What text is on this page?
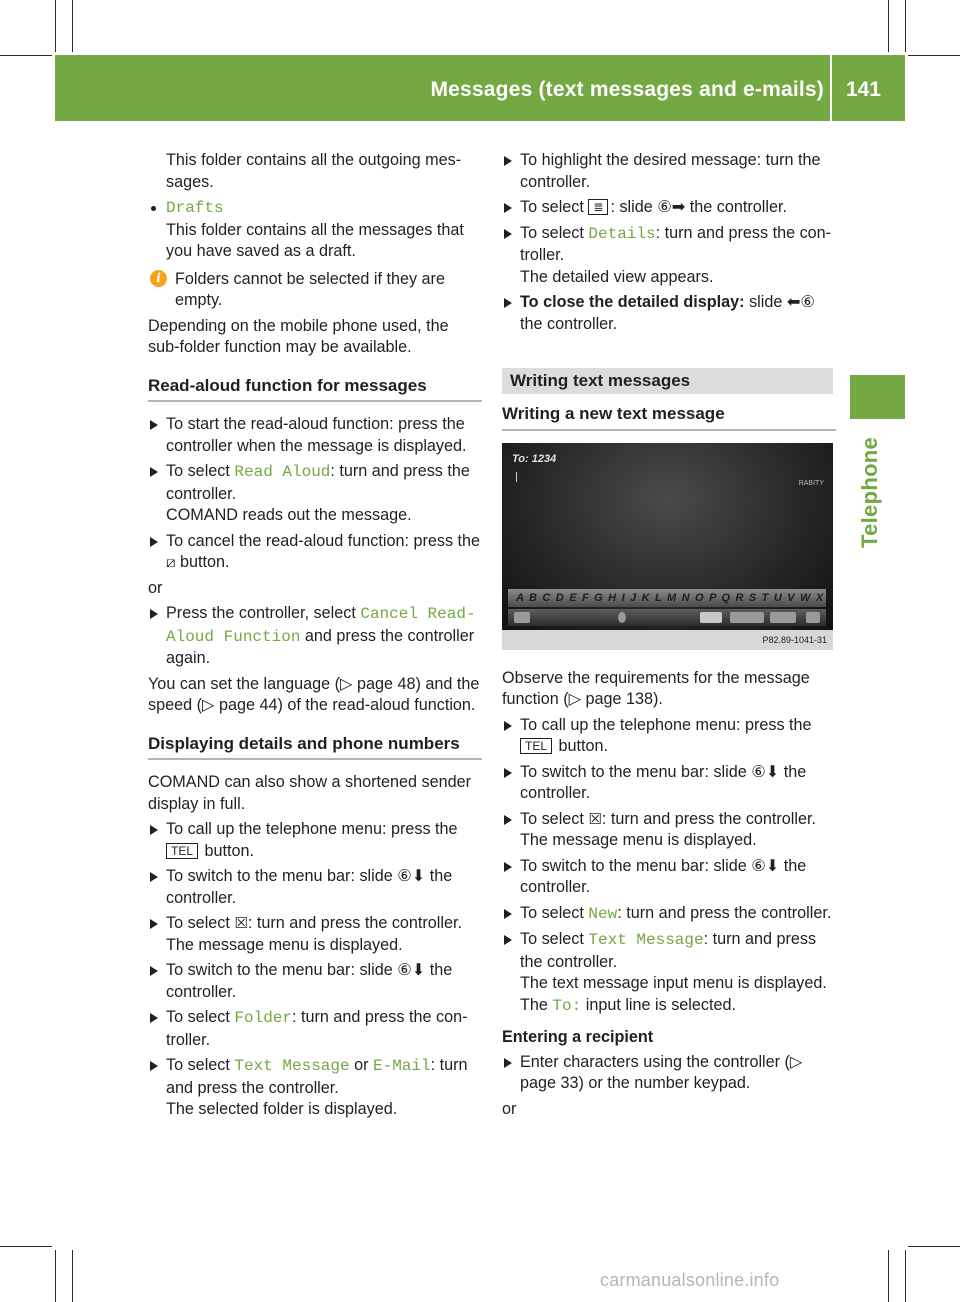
Messages (text messages and e-mails) 141
Telephone

This folder contains all the outgoing mes-sages.

Drafts

This folder contains all the messages that you have saved as a draft.

i Folders cannot be selected if they are empty.

Depending on the mobile phone used, the sub-folder function may be available.

Read-aloud function for messages
To start the read-aloud function: press the controller when the message is displayed.
To select Read Aloud: turn and press the controller.
COMAND reads out the message.
To cancel the read-aloud function: press the ⧄ button.

or

Press the controller, select Cancel Read-
Aloud Function and press the controller again.

You can set the language (▷ page 48) and the speed (▷ page 44) of the read-aloud function.

Displaying details and phone numbers

COMAND can also show a shortened sender display in full.

To call up the telephone menu: press the
TEL button.
To switch to the menu bar: slide ⑥⬇ the controller.
To select ☒: turn and press the controller.
The message menu is displayed.
To switch to the menu bar: slide ⑥⬇ the controller.
To select Folder: turn and press the con-troller.
To select Text Message or E-Mail: turn and press the controller.
The selected folder is displayed.
To highlight the desired message: turn the controller.
To select ≣ : slide ⑥➡ the controller.
To select Details: turn and press the con-troller.
The detailed view appears.
To close the detailed display: slide ⬅⑥ the controller.
Writing text messages
Writing a new text message
To: 1234
RABITY
A B C D E F G H I J K L M N O P Q R S T U V W X
P82.89-1041-31

Observe the requirements for the message function (▷ page 138).

To call up the telephone menu: press the
TEL button.
To switch to the menu bar: slide ⑥⬇ the controller.
To select ☒: turn and press the controller.
The message menu is displayed.
To switch to the menu bar: slide ⑥⬇ the controller.
To select New: turn and press the controller.
To select Text Message: turn and press the controller.
The text message input menu is displayed.
The To: input line is selected.
Entering a recipient
Enter characters using the controller (▷ page 33) or the number keypad.

or

carmanualsonline.info
